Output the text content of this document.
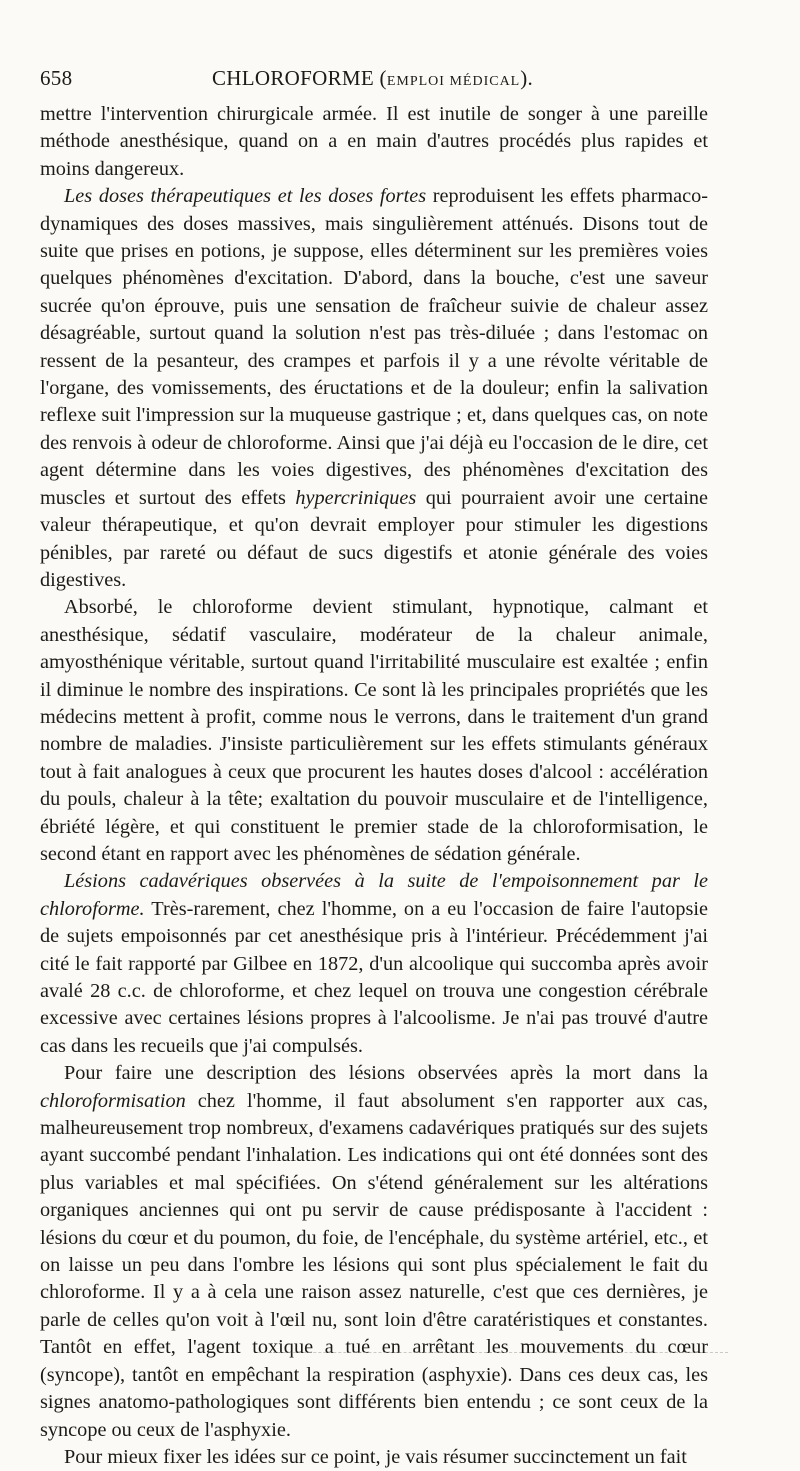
658	CHLOROFORME (EMPLOI MÉDICAL).

mettre l'intervention chirurgicale armée. Il est inutile de songer à une pareille méthode anesthésique, quand on a en main d'autres procédés plus rapides et moins dangereux.

Les doses thérapeutiques et les doses fortes reproduisent les effets pharmaco-dynamiques des doses massives, mais singulièrement atténués. Disons tout de suite que prises en potions, je suppose, elles déterminent sur les premières voies quelques phénomènes d'excitation. D'abord, dans la bouche, c'est une saveur sucrée qu'on éprouve, puis une sensation de fraîcheur suivie de chaleur assez désagréable, surtout quand la solution n'est pas très-diluée ; dans l'estomac on ressent de la pesanteur, des crampes et parfois il y a une révolte véritable de l'organe, des vomissements, des éructations et de la douleur; enfin la salivation reflexe suit l'impression sur la muqueuse gastrique ; et, dans quelques cas, on note des renvois à odeur de chloroforme. Ainsi que j'ai déjà eu l'occasion de le dire, cet agent détermine dans les voies digestives, des phénomènes d'excitation des muscles et surtout des effets hypercriniques qui pourraient avoir une certaine valeur thérapeutique, et qu'on devrait employer pour stimuler les digestions pénibles, par rareté ou défaut de sucs digestifs et atonie générale des voies digestives.

Absorbé, le chloroforme devient stimulant, hypnotique, calmant et anesthésique, sédatif vasculaire, modérateur de la chaleur animale, amyosthénique véritable, surtout quand l'irritabilité musculaire est exaltée ; enfin il diminue le nombre des inspirations. Ce sont là les principales propriétés que les médecins mettent à profit, comme nous le verrons, dans le traitement d'un grand nombre de maladies. J'insiste particulièrement sur les effets stimulants généraux tout à fait analogues à ceux que procurent les hautes doses d'alcool : accélération du pouls, chaleur à la tête; exaltation du pouvoir musculaire et de l'intelligence, ébriété légère, et qui constituent le premier stade de la chloroformisation, le second étant en rapport avec les phénomènes de sédation générale.

Lésions cadavériques observées à la suite de l'empoisonnement par le chloroforme. Très-rarement, chez l'homme, on a eu l'occasion de faire l'autopsie de sujets empoisonnés par cet anesthésique pris à l'intérieur. Précédemment j'ai cité le fait rapporté par Gilbee en 1872, d'un alcoolique qui succomba après avoir avalé 28 c.c. de chloroforme, et chez lequel on trouva une congestion cérébrale excessive avec certaines lésions propres à l'alcoolisme. Je n'ai pas trouvé d'autre cas dans les recueils que j'ai compulsés.

Pour faire une description des lésions observées après la mort dans la chloroformisation chez l'homme, il faut absolument s'en rapporter aux cas, malheureusement trop nombreux, d'examens cadavériques pratiqués sur des sujets ayant succombé pendant l'inhalation. Les indications qui ont été données sont des plus variables et mal spécifiées. On s'étend généralement sur les altérations organiques anciennes qui ont pu servir de cause prédisposante à l'accident : lésions du cœur et du poumon, du foie, de l'encéphale, du système artériel, etc., et on laisse un peu dans l'ombre les lésions qui sont plus spécialement le fait du chloroforme. Il y a à cela une raison assez naturelle, c'est que ces dernières, je parle de celles qu'on voit à l'œil nu, sont loin d'être caratéristiques et constantes. Tantôt en effet, l'agent toxique a tué en arrêtant les mouvements du cœur (syncope), tantôt en empêchant la respiration (asphyxie). Dans ces deux cas, les signes anatomo-pathologiques sont différents bien entendu ; ce sont ceux de la syncope ou ceux de l'asphyxie.

Pour mieux fixer les idées sur ce point, je vais résumer succinctement un fait
